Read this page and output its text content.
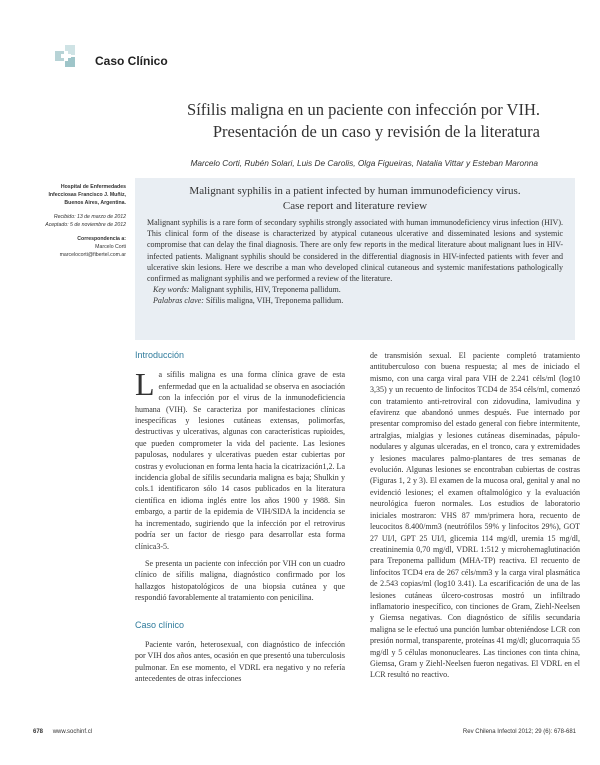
Caso Clínico
Sífilis maligna en un paciente con infección por VIH.
Presentación de un caso y revisión de la literatura
Marcelo Corti, Rubén Solari, Luis De Carolis, Olga Figueiras, Natalia Vittar y Esteban Maronna
Hospital de Enfermedades
Infecciosas Francisco J. Muñiz,
Buenos Aires, Argentina.
Recibido: 13 de marzo de 2012
Aceptado: 5 de noviembre de 2012
Correspondencia a:
Marcelo Corti
marcelocorti@fibertel.com.ar
Malignant syphilis in a patient infected by human immunodeficiency virus.
Case report and literature review
Malignant syphilis is a rare form of secondary syphilis strongly associated with human immunodeficiency virus infection (HIV). This clinical form of the disease is characterized by atypical cutaneous ulcerative and disseminated lesions and systemic compromise that can delay the final diagnosis. There are only few reports in the medical literature about malignant lues in HIV-infected patients. Malignant syphilis should be considered in the differential diagnosis in HIV-infected patients with fever and ulcerative skin lesions. Here we describe a man who developed clinical cutaneous and systemic manifestations pathologically confirmed as malignant syphilis and we performed a review of the literature.
Key words: Malignant syphilis, HIV, Treponema pallidum.
Palabras clave: Sífilis maligna, VIH, Treponema pallidum.
Introducción

La sífilis maligna es una forma clínica grave de esta enfermedad que en la actualidad se observa en asociación con la infección por el virus de la inmunodeficiencia humana (VIH). Se caracteriza por manifestaciones clínicas inespecíficas y lesiones cutáneas extensas, polimorfas, destructivas y ulcerativas, algunas con características rupioides, que pueden comprometer la vida del paciente. Las lesiones papulosas, nodulares y ulcerativas pueden estar cubiertas por costras y evolucionan en forma lenta hacia la cicatrización1,2. La incidencia global de sífilis secundaria maligna es baja; Shulkin y cols.1 identificaron sólo 14 casos publicados en la literatura científica en idioma inglés entre los años 1900 y 1988. Sin embargo, a partir de la epidemia de VIH/SIDA la incidencia se ha incrementado, sugiriendo que la infección por el retrovirus podría ser un factor de riesgo para desarrollar esta forma clínica3-5.

Se presenta un paciente con infección por VIH con un cuadro clínico de sífilis maligna, diagnóstico confirmado por los hallazgos histopatológicos de una biopsia cutánea y que respondió favorablemente al tratamiento con penicilina.

Caso clínico

Paciente varón, heterosexual, con diagnóstico de infección por VIH dos años antes, ocasión en que presentó una tuberculosis pulmonar. En ese momento, el VDRL era negativo y no refería antecedentes de otras infecciones

de transmisión sexual. El paciente completó tratamiento antituberculoso con buena respuesta; al mes de iniciado el mismo, con una carga viral para VIH de 2.241 céls/ml (log10 3,35) y un recuento de linfocitos TCD4 de 354 céls/ml, comenzó con tratamiento anti-retroviral con zidovudina, lamivudina y efavirenz que abandonó unmes después. Fue internado por presentar compromiso del estado general con fiebre intermitente, artralgias, mialgias y lesiones cutáneas diseminadas, pápulo-nodulares y algunas ulceradas, en el tronco, cara y extremidades y lesiones maculares palmo-plantares de tres semanas de evolución. Algunas lesiones se encontraban cubiertas de costras (Figuras 1, 2 y 3). El examen de la mucosa oral, genital y anal no evidenció lesiones; el examen oftalmológico y la evaluación neurológica fueron normales. Los estudios de laboratorio iniciales mostraron: VHS 87 mm/primera hora, recuento de leucocitos 8.400/mm3 (neutrófilos 59% y linfocitos 29%), GOT 27 UI/l, GPT 25 UI/l, glicemia 114 mg/dl, uremia 15 mg/dl, creatininemia 0,70 mg/dl, VDRL 1:512 y microhemaglutinación para Treponema pallidum (MHA-TP) reactiva. El recuento de linfocitos TCD4 era de 267 céls/mm3 y la carga viral plasmática de 2.543 copias/ml (log10 3.41). La escarificación de una de las lesiones cutáneas úlcero-costrosas mostró un infiltrado inflamatorio inespecífico, con tinciones de Gram, Ziehl-Neelsen y Giemsa negativas. Con diagnóstico de sífilis secundaria maligna se le efectuó una punción lumbar obteniéndose LCR con presión normal, transparente, proteínas 41 mg/dl; glucorraquia 55 mg/dl y 5 células mononucleares. Las tinciones con tinta china, Giemsa, Gram y Ziehl-Neelsen fueron negativas. El VDRL en el LCR resultó no reactivo.

678 www.sochinf.cl	Rev Chilena Infectol 2012; 29 (6): 678-681
